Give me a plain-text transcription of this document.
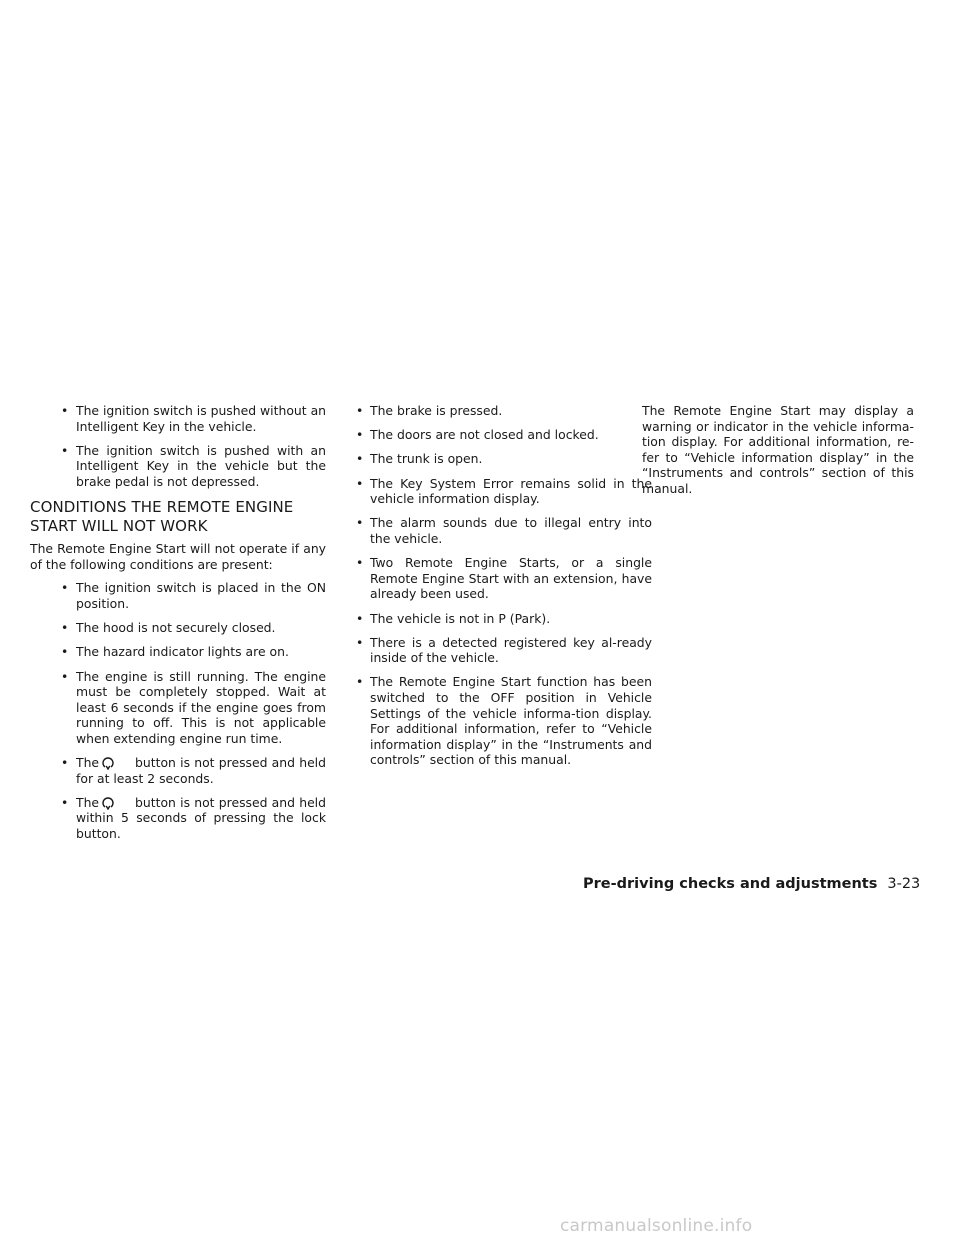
• The ignition switch is pushed without an Intelligent Key in the vehicle.

• The ignition switch is pushed with an Intelligent Key in the vehicle but the brake pedal is not depressed.

CONDITIONS THE REMOTE ENGINE START WILL NOT WORK

The Remote Engine Start will not operate if any of the following conditions are present:

• The ignition switch is placed in the ON position.

• The hood is not securely closed.

• The hazard indicator lights are on.

• The engine is still running. The engine must be completely stopped. Wait at least 6 seconds if the engine goes from running to off. This is not applicable when extending engine run time.

• The	button is not pressed and held for at least 2 seconds.

• The	button is not pressed and held within 5 seconds of pressing the lock button.

• The brake is pressed.

• The doors are not closed and locked.

• The trunk is open.

• The Key System Error remains solid in the vehicle information display.

• The alarm sounds due to illegal entry into the vehicle.

• Two Remote Engine Starts, or a single Remote Engine Start with an extension, have already been used.

• The vehicle is not in P (Park).

• There is a detected registered key al-ready inside of the vehicle.

• The Remote Engine Start function has been switched to the OFF position in Vehicle Settings of the vehicle informa-tion display. For additional information, refer to “Vehicle information display” in the “Instruments and controls” section of this manual.

The Remote Engine Start may display a warning or indicator in the vehicle informa-tion display. For additional information, re-fer to “Vehicle information display” in the “Instruments and controls” section of this manual.

Pre-driving checks and adjustments 3-23
carmanualsonline.info
